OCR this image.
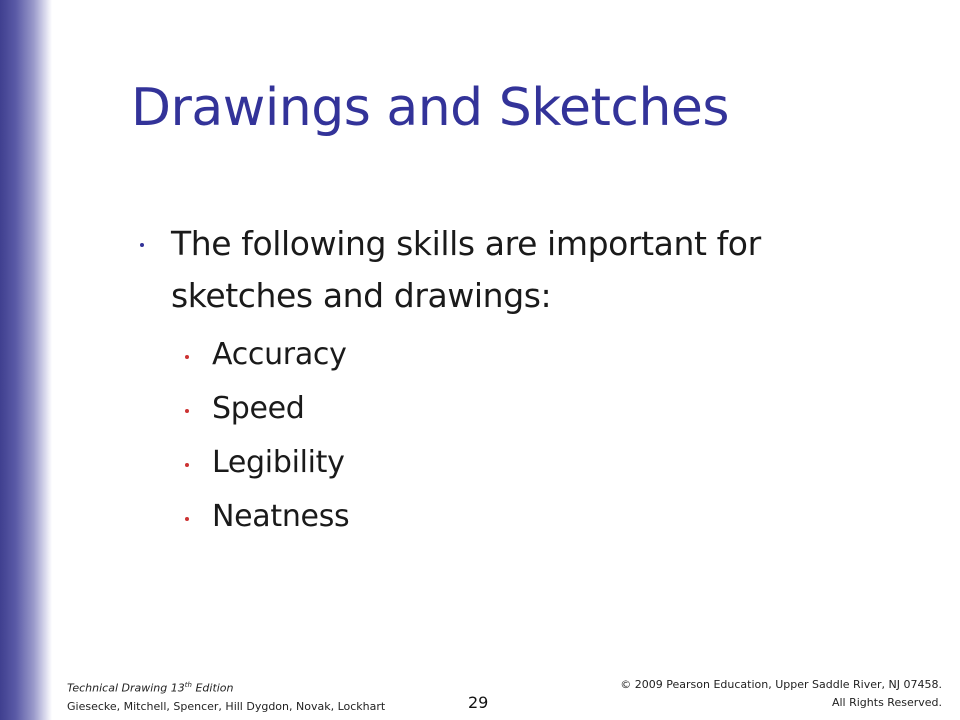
Drawings and Sketches
The following skills are important for sketches and drawings:
Accuracy
Speed
Legibility
Neatness
Technical Drawing 13th Edition
Giesecke, Mitchell, Spencer, Hill Dygdon, Novak, Lockhart	29
© 2009 Pearson Education, Upper Saddle River, NJ 07458.
All Rights Reserved.
